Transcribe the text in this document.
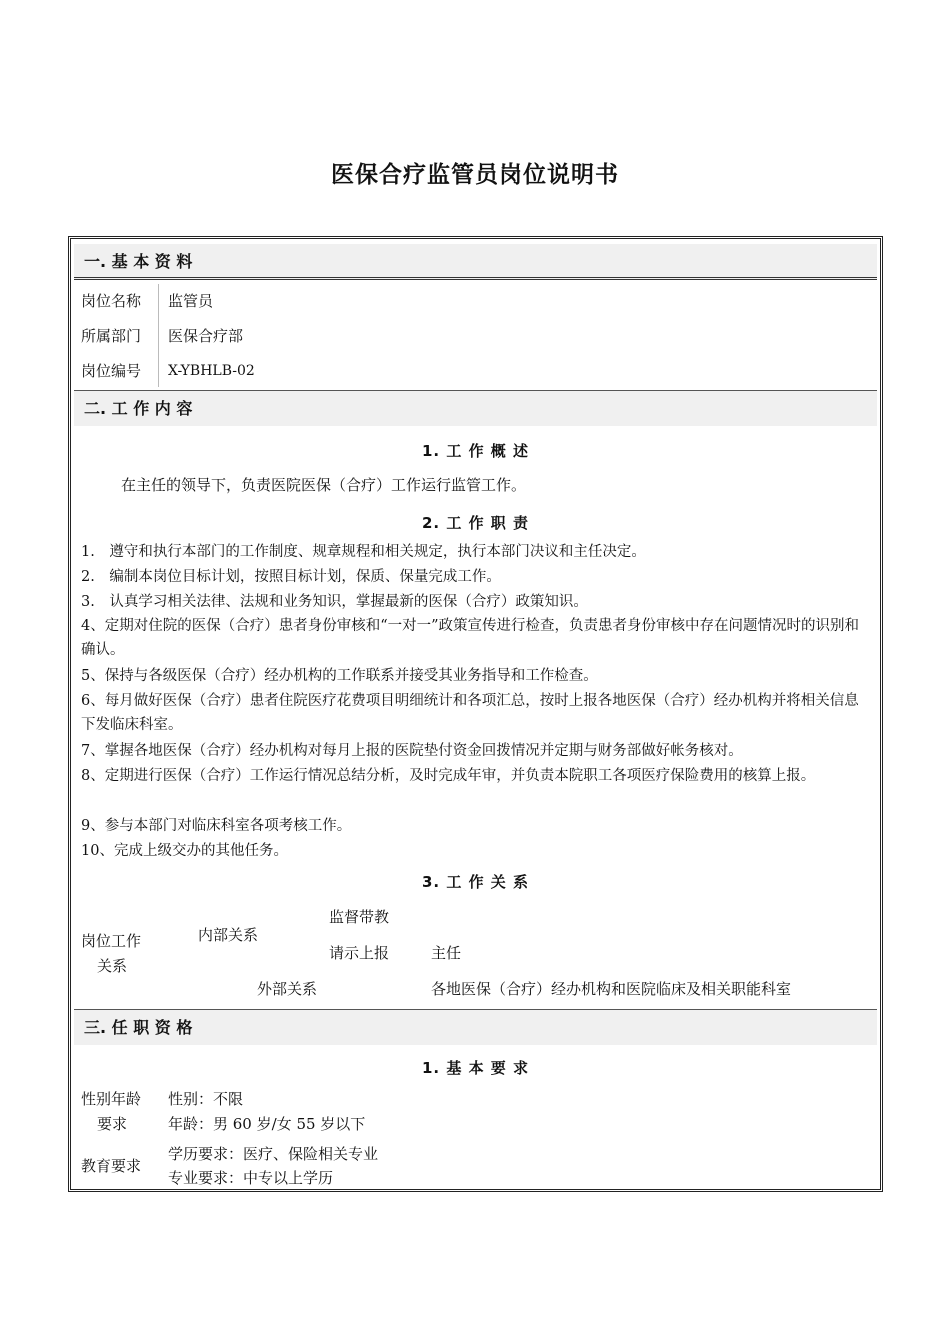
医保合疗监管员岗位说明书
一. 基 本 资 料
岗位名称 监管员
所属部门 医保合疗部
岗位编号 X-YBHLB-02
二. 工 作 内 容
1. 工 作 概 述
在主任的领导下，负责医院医保（合疗）工作运行监管工作。
2. 工 作 职 责
1.　遵守和执行本部门的工作制度、规章规程和相关规定，执行本部门决议和主任决定。
2.　编制本岗位目标计划，按照目标计划，保质、保量完成工作。
3.　认真学习相关法律、法规和业务知识，掌握最新的医保（合疗）政策知识。
4、定期对住院的医保（合疗）患者身份审核和“一对一”政策宣传进行检查，负责患者身份审核中存在问题情况时的识别和确认。
5、保持与各级医保（合疗）经办机构的工作联系并接受其业务指导和工作检查。
6、每月做好医保（合疗）患者住院医疗花费项目明细统计和各项汇总，按时上报各地医保（合疗）经办机构并将相关信息下发临床科室。
7、掌握各地医保（合疗）经办机构对每月上报的医院垫付资金回拨情况并定期与财务部做好帐务核对。
8、定期进行医保（合疗）工作运行情况总结分析，及时完成年审，并负责本院职工各项医疗保险费用的核算上报。
9、参与本部门对临床科室各项考核工作。
10、完成上级交办的其他任务。
3. 工 作 关 系
岗位工作
关系
内部关系
监督带教
请示上报	主任
外部关系	各地医保（合疗）经办机构和医院临床及相关职能科室
三. 任 职 资 格
1. 基 本 要 求
性别年龄
要求
性别：不限
年龄：男 60 岁/女 55 岁以下
教育要求
学历要求：医疗、保险相关专业
专业要求：中专以上学历
